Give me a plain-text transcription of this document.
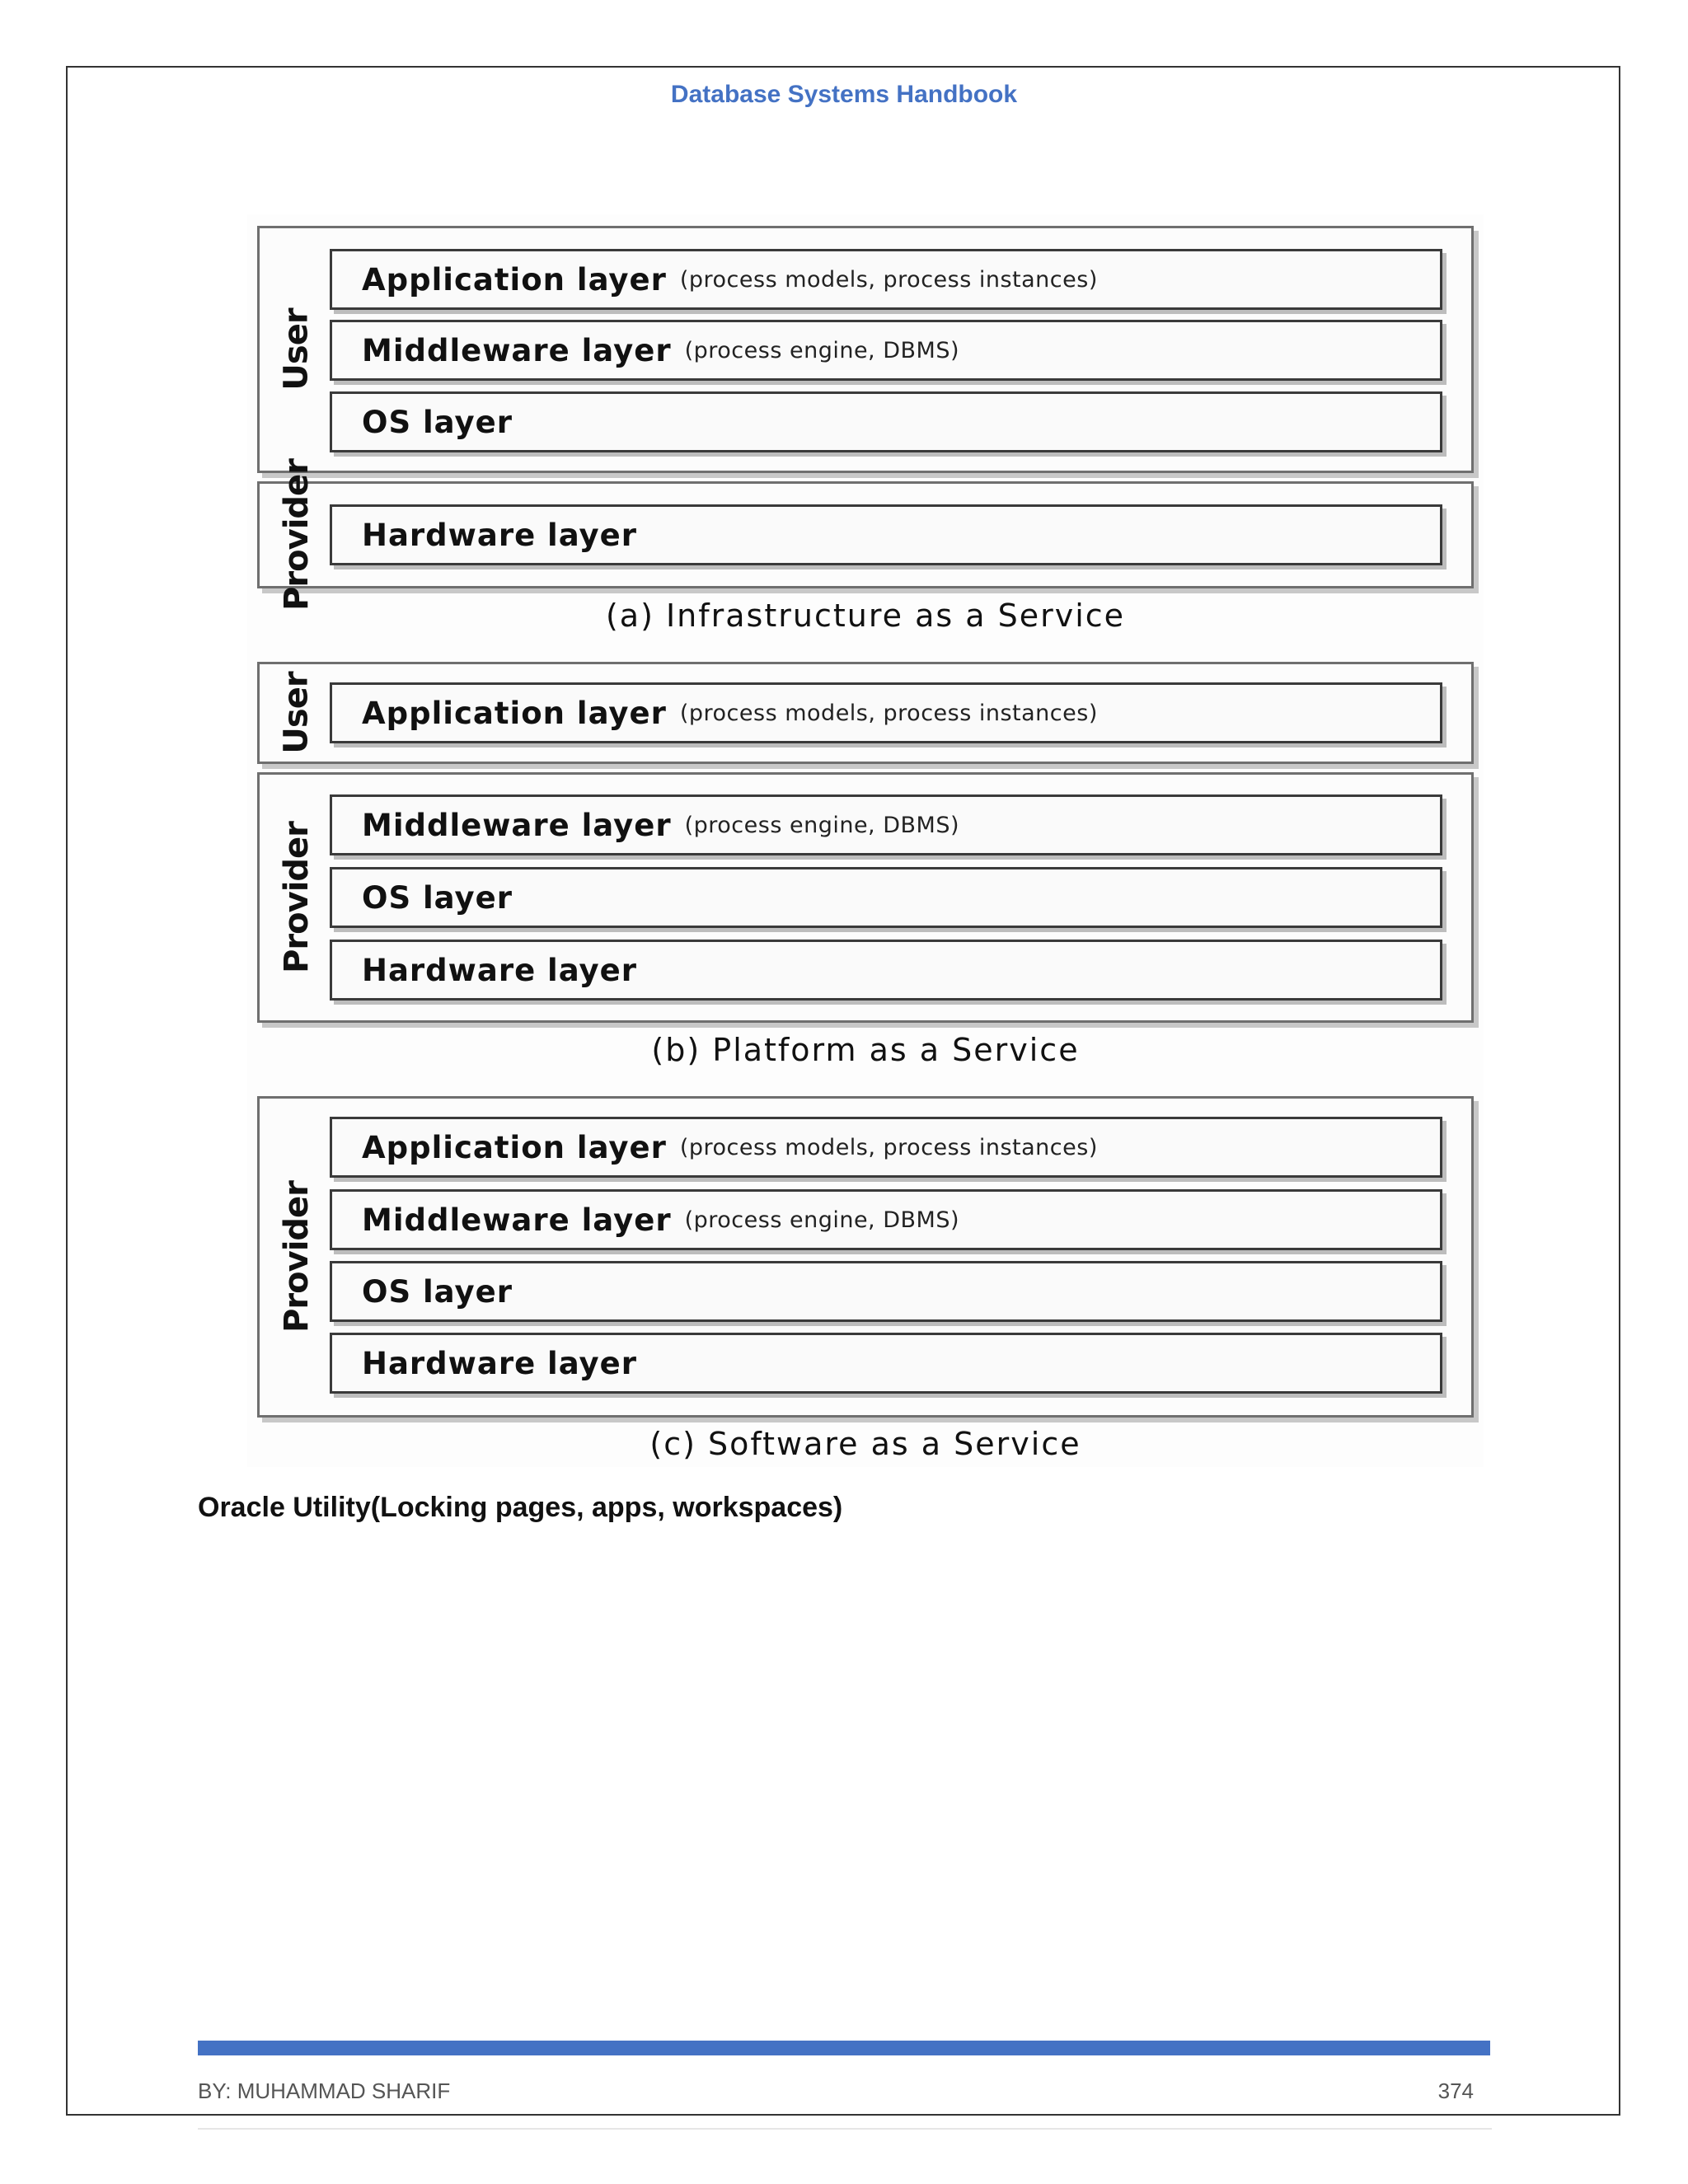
Database Systems Handbook
User
Application layer (process models, process instances)
Middleware layer (process engine, DBMS)
OS layer
Provider Hardware layer
(a) Infrastructure as a Service
User Application layer (process models, process instances)
Provider Middleware layer (process engine, DBMS)
OS layer
Hardware layer
(b) Platform as a Service
Provider
Application layer (process models, process instances)
Middleware layer (process engine, DBMS)
OS layer
Hardware layer
(c) Software as a Service
Oracle Utility(Locking pages, apps, workspaces)
BY: MUHAMMAD SHARIF	374
